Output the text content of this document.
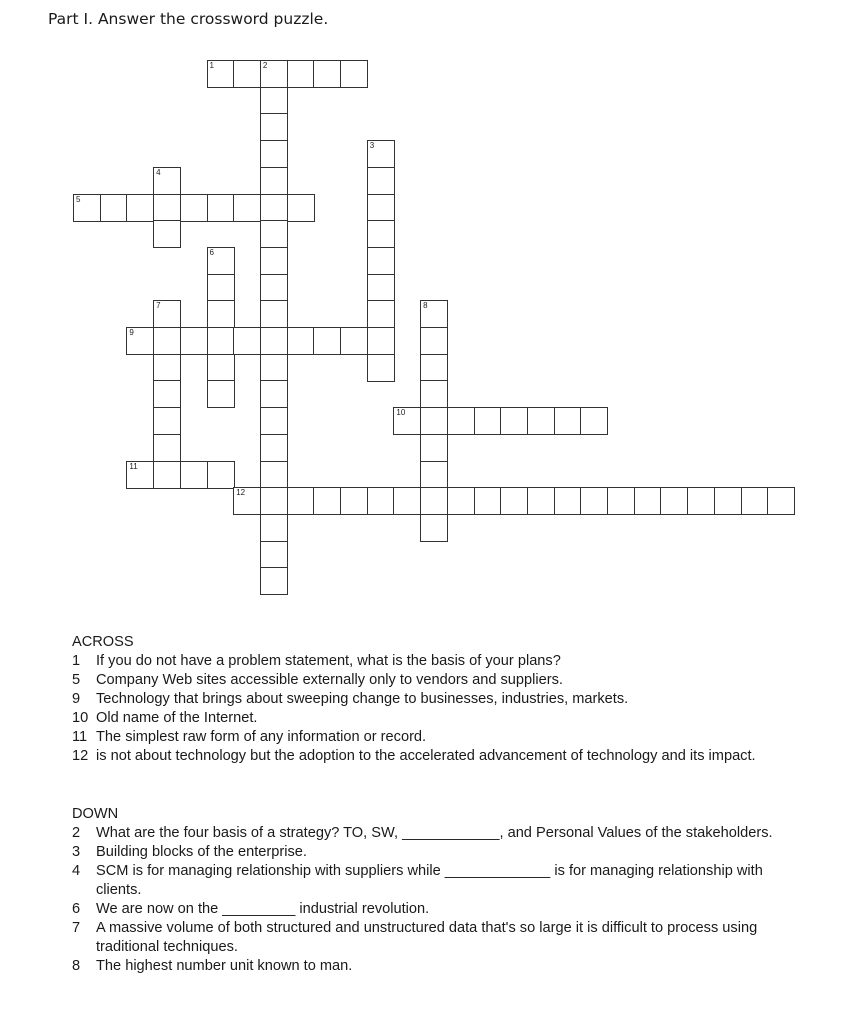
Part I. Answer the crossword puzzle.
1	2
3
4
5
6
7	8
9
10
11
12
ACROSS
1 If you do not have a problem statement, what is the basis of your plans?
5 Company Web sites accessible externally only to vendors and suppliers.
9 Technology that brings about sweeping change to businesses, industries, markets.
10 Old name of the Internet.
11 The simplest raw form of any information or record.
12 is not about technology but the adoption to the accelerated advancement of technology and its impact.
DOWN
2 What are the four basis of a strategy? TO, SW, ____________, and Personal Values of the stakeholders.
3 Building blocks of the enterprise.
4 SCM is for managing relationship with suppliers while _____________ is for managing relationship with clients.
6 We are now on the _________ industrial revolution.
7 A massive volume of both structured and unstructured data that's so large it is difficult to process using traditional techniques.
8 The highest number unit known to man.
